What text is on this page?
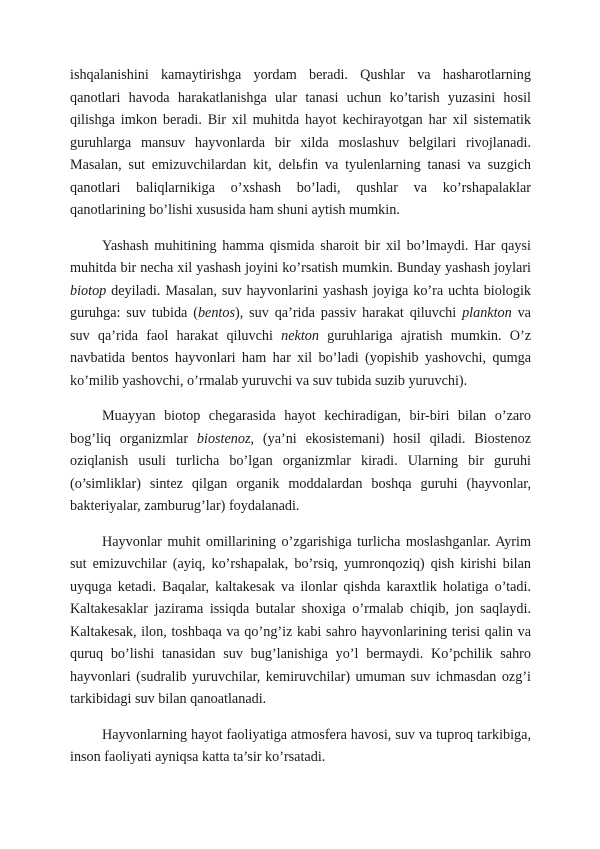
ishqalanishini kamaytirishga yordam beradi. Qushlar va hasharotlarning qanotlari havoda harakatlanishga ular tanasi uchun ko’tarish yuzasini hosil qilishga imkon beradi. Bir xil muhitda hayot kechirayotgan har xil sistematik guruhlarga mansuv hayvonlarda bir xilda moslashuv belgilari rivojlanadi. Masalan, sut emizuvchilardan kit, delьfin va tyulenlarning tanasi va suzgich qanotlari baliqlarnikiga o’xshash bo’ladi, qushlar va ko’rshapalaklar qanotlarining bo’lishi xususida ham shuni aytish mumkin.

Yashash muhitining hamma qismida sharoit bir xil bo’lmaydi. Har qaysi muhitda bir necha xil yashash joyini ko’rsatish mumkin. Bunday yashash joylari biotop deyiladi. Masalan, suv hayvonlarini yashash joyiga ko’ra uchta biologik guruhga: suv tubida (bentos), suv qa’rida passiv harakat qiluvchi plankton va suv qa’rida faol harakat qiluvchi nekton guruhlariga ajratish mumkin. O’z navbatida bentos hayvonlari ham har xil bo’ladi (yopishib yashovchi, qumga ko’milib yashovchi, o’rmalab yuruvchi va suv tubida suzib yuruvchi).

Muayyan biotop chegarasida hayot kechiradigan, bir-biri bilan o’zaro bog’liq organizmlar biostenoz, (ya’ni ekosistemani) hosil qiladi. Biostenoz oziqlanish usuli turlicha bo’lgan organizmlar kiradi. Ularning bir guruhi (o’simliklar) sintez qilgan organik moddalardan boshqa guruhi (hayvonlar, bakteriyalar, zamburug’lar) foydalanadi.

Hayvonlar muhit omillarining o’zgarishiga turlicha moslashganlar. Ayrim sut emizuvchilar (ayiq, ko’rshapalak, bo’rsiq, yumronqoziq) qish kirishi bilan uyquga ketadi. Baqalar, kaltakesak va ilonlar qishda karaxtlik holatiga o’tadi. Kaltakesaklar jazirama issiqda butalar shoxiga o’rmalab chiqib, jon saqlaydi. Kaltakesak, ilon, toshbaqa va qo’ng’iz kabi sahro hayvonlarining terisi qalin va quruq bo’lishi tanasidan suv bug’lanishiga yo’l bermaydi. Ko’pchilik sahro hayvonlari (sudralib yuruvchilar, kemiruvchilar) umuman suv ichmasdan ozg’i tarkibidagi suv bilan qanoatlanadi.

Hayvonlarning hayot faoliyatiga atmosfera havosi, suv va tuproq tarkibiga, inson faoliyati ayniqsa katta ta’sir ko’rsatadi.
